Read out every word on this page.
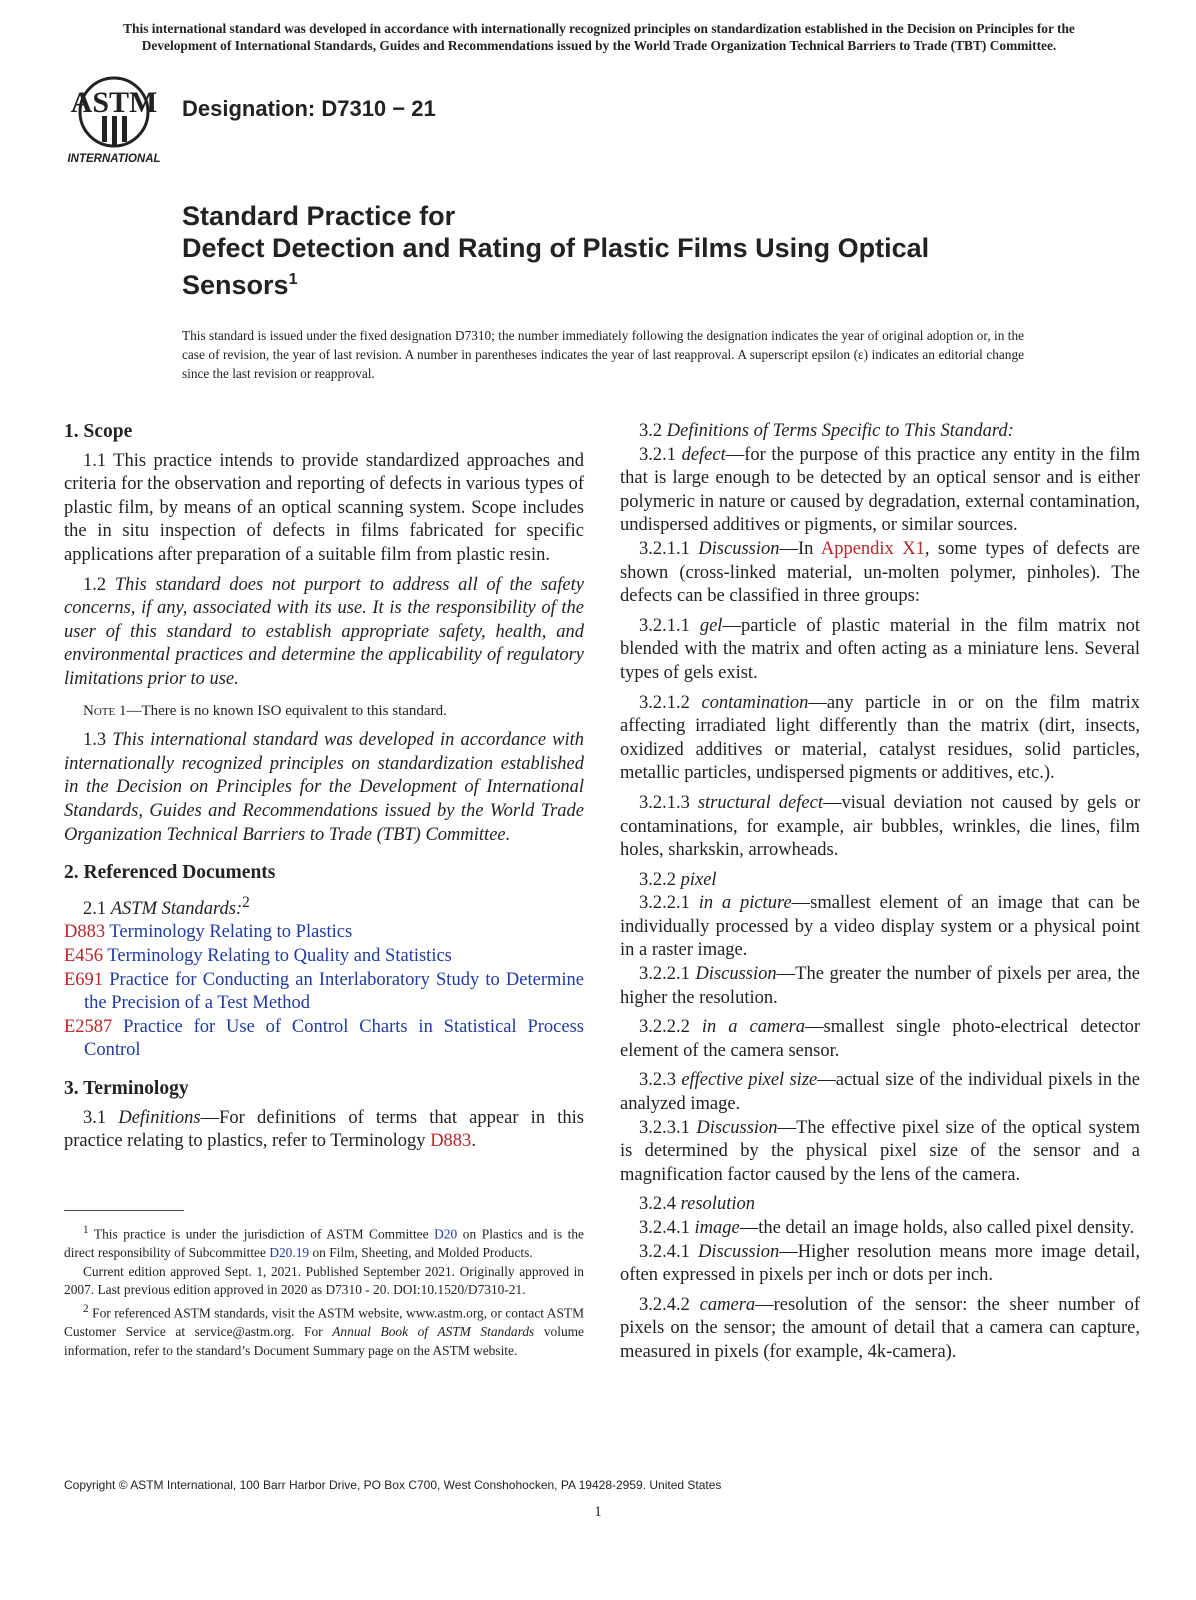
This international standard was developed in accordance with internationally recognized principles on standardization established in the Decision on Principles for the
Development of International Standards, Guides and Recommendations issued by the World Trade Organization Technical Barriers to Trade (TBT) Committee.
ASTM
INTERNATIONAL
Designation: D7310 − 21
Standard Practice for
Defect Detection and Rating of Plastic Films Using Optical
Sensors$^1$
This standard is issued under the fixed designation D7310; the number immediately following the designation indicates the year of original adoption or, in the case of revision, the year of last revision. A number in parentheses indicates the year of last reapproval. A superscript epsilon (ε) indicates an editorial change since the last revision or reapproval.

1. Scope

1.1 This practice intends to provide standardized approaches and criteria for the observation and reporting of defects in various types of plastic film, by means of an optical scanning system. Scope includes the in situ inspection of defects in films fabricated for specific applications after preparation of a suitable film from plastic resin.

1.2 This standard does not purport to address all of the safety concerns, if any, associated with its use. It is the responsibility of the user of this standard to establish appropriate safety, health, and environmental practices and determine the applicability of regulatory limitations prior to use.

Note 1—There is no known ISO equivalent to this standard.

1.3 This international standard was developed in accordance with internationally recognized principles on standardization established in the Decision on Principles for the Development of International Standards, Guides and Recommendations issued by the World Trade Organization Technical Barriers to Trade (TBT) Committee.

2. Referenced Documents

2.1 ASTM Standards:$^2$

D883 Terminology Relating to Plastics

E456 Terminology Relating to Quality and Statistics

E691 Practice for Conducting an Interlaboratory Study to Determine the Precision of a Test Method

E2587 Practice for Use of Control Charts in Statistical Process Control

3. Terminology

3.1 Definitions—For definitions of terms that appear in this practice relating to plastics, refer to Terminology D883.

$^1$ This practice is under the jurisdiction of ASTM Committee D20 on Plastics and is the direct responsibility of Subcommittee D20.19 on Film, Sheeting, and Molded Products.

Current edition approved Sept. 1, 2021. Published September 2021. Originally approved in 2007. Last previous edition approved in 2020 as D7310 - 20. DOI:10.1520/D7310-21.

$^2$ For referenced ASTM standards, visit the ASTM website, www.astm.org, or contact ASTM Customer Service at service@astm.org. For Annual Book of ASTM Standards volume information, refer to the standard’s Document Summary page on the ASTM website.

3.2 Definitions of Terms Specific to This Standard:

3.2.1 defect—for the purpose of this practice any entity in the film that is large enough to be detected by an optical sensor and is either polymeric in nature or caused by degradation, external contamination, undispersed additives or pigments, or similar sources.

3.2.1.1 Discussion—In Appendix X1, some types of defects are shown (cross-linked material, un-molten polymer, pinholes). The defects can be classified in three groups:

3.2.1.1 gel—particle of plastic material in the film matrix not blended with the matrix and often acting as a miniature lens. Several types of gels exist.

3.2.1.2 contamination—any particle in or on the film matrix affecting irradiated light differently than the matrix (dirt, insects, oxidized additives or material, catalyst residues, solid particles, metallic particles, undispersed pigments or additives, etc.).

3.2.1.3 structural defect—visual deviation not caused by gels or contaminations, for example, air bubbles, wrinkles, die lines, film holes, sharkskin, arrowheads.

3.2.2 pixel

3.2.2.1 in a picture—smallest element of an image that can be individually processed by a video display system or a physical point in a raster image.

3.2.2.1 Discussion—The greater the number of pixels per area, the higher the resolution.

3.2.2.2 in a camera—smallest single photo-electrical detector element of the camera sensor.

3.2.3 effective pixel size—actual size of the individual pixels in the analyzed image.

3.2.3.1 Discussion—The effective pixel size of the optical system is determined by the physical pixel size of the sensor and a magnification factor caused by the lens of the camera.

3.2.4 resolution

3.2.4.1 image—the detail an image holds, also called pixel density.

3.2.4.1 Discussion—Higher resolution means more image detail, often expressed in pixels per inch or dots per inch.

3.2.4.2 camera—resolution of the sensor: the sheer number of pixels on the sensor; the amount of detail that a camera can capture, measured in pixels (for example, 4k-camera).

Copyright © ASTM International, 100 Barr Harbor Drive, PO Box C700, West Conshohocken, PA 19428-2959. United States
1
